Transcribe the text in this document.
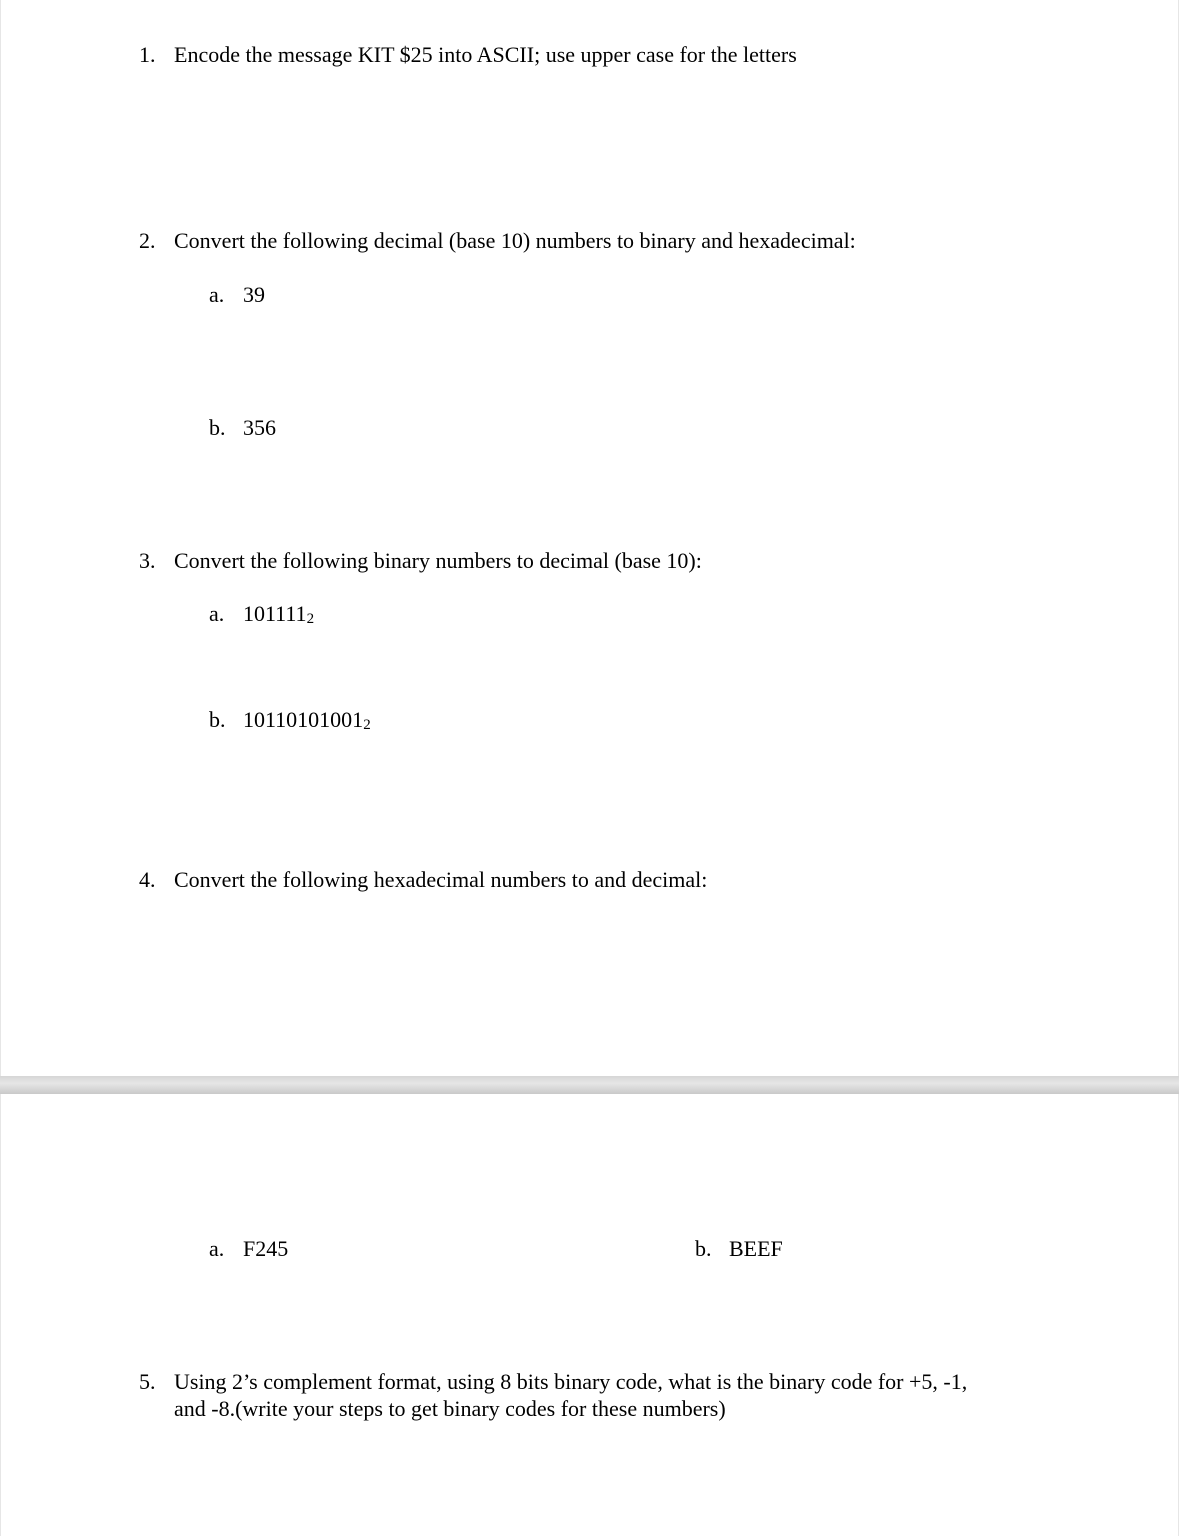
1. Encode the message KIT $25 into ASCII; use upper case for the letters
2. Convert the following decimal (base 10) numbers to binary and hexadecimal:
a. 39
b. 356
3. Convert the following binary numbers to decimal (base 10):
a. $101111_2$
b. $10110101001_2$
4. Convert the following hexadecimal numbers to and decimal:
a. F245	b. BEEF
5. Using 2’s complement format, using 8 bits binary code, what is the binary code for +5, -1,
and -8.(write your steps to get binary codes for these numbers)
